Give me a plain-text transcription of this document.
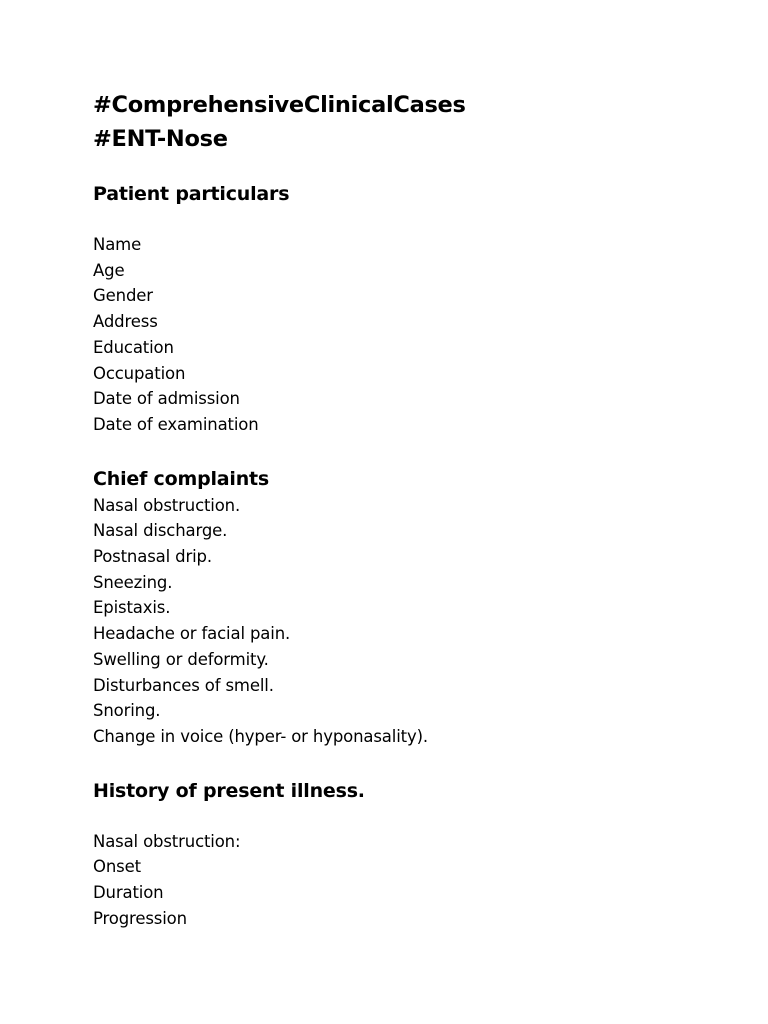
#ComprehensiveClinicalCases

#ENT-Nose

Patient particulars

Name

Age

Gender

Address

Education

Occupation

Date of admission

Date of examination

Chief complaints

Nasal obstruction.

Nasal discharge.

Postnasal drip.

Sneezing.

Epistaxis.

Headache or facial pain.

Swelling or deformity.

Disturbances of smell.

Snoring.

Change in voice (hyper- or hyponasality).

History of present illness.

Nasal obstruction:

Onset

Duration

Progression
